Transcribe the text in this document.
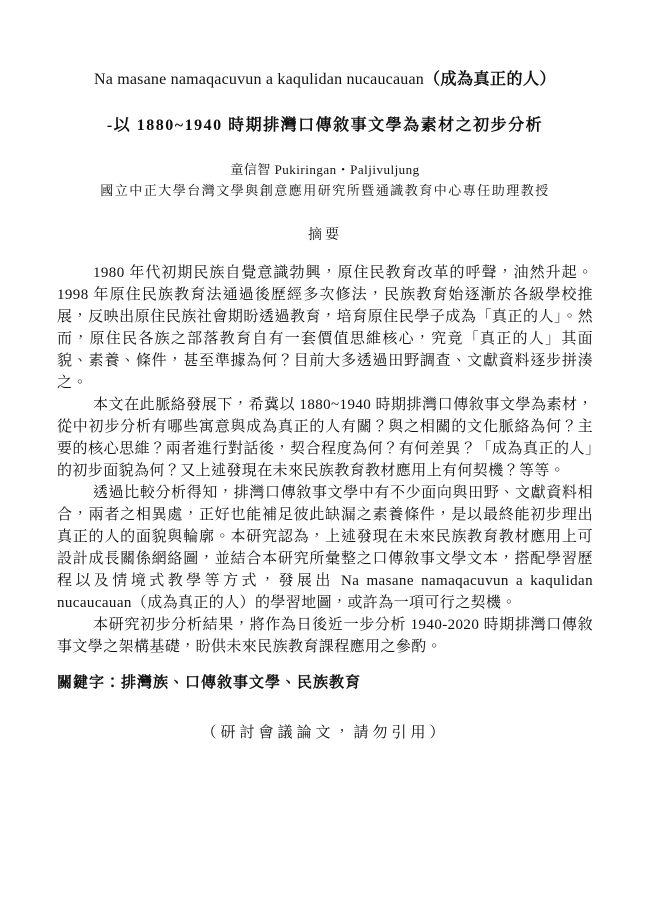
Na masane namaqacuvun a kaqulidan nucaucauan（成為真正的人）
-以 1880~1940 時期排灣口傳敘事文學為素材之初步分析
童信智 Pukiringan・Paljivuljung
國立中正大學台灣文學與創意應用研究所暨通識教育中心專任助理教授
摘要

1980 年代初期民族自覺意識勃興，原住民教育改革的呼聲，油然升起。1998 年原住民族教育法通過後歷經多次修法，民族教育始逐漸於各級學校推展，反映出原住民族社會期盼透過教育，培育原住民學子成為「真正的人」。然而，原住民各族之部落教育自有一套價值思維核心，究竟「真正的人」其面貌、素養、條件，甚至準據為何？目前大多透過田野調查、文獻資料逐步拼湊之。

本文在此脈絡發展下，希冀以 1880~1940 時期排灣口傳敘事文學為素材，從中初步分析有哪些寓意與成為真正的人有關？與之相關的文化脈絡為何？主要的核心思維？兩者進行對話後，契合程度為何？有何差異？「成為真正的人」的初步面貌為何？又上述發現在未來民族教育教材應用上有何契機？等等。

透過比較分析得知，排灣口傳敘事文學中有不少面向與田野、文獻資料相合，兩者之相異處，正好也能補足彼此缺漏之素養條件，是以最終能初步理出真正的人的面貌與輪廓。本研究認為，上述發現在未來民族教育教材應用上可設計成長關係網絡圖，並結合本研究所彙整之口傳敘事文學文本，搭配學習歷程以及情境式教學等方式，發展出 Na masane namaqacuvun a kaqulidan nucaucauan（成為真正的人）的學習地圖，或許為一項可行之契機。

本研究初步分析結果，將作為日後近一步分析 1940-2020 時期排灣口傳敘事文學之架構基礎，盼供未來民族教育課程應用之參酌。

關鍵字：排灣族、口傳敘事文學、民族教育
（研討會議論文，請勿引用）
